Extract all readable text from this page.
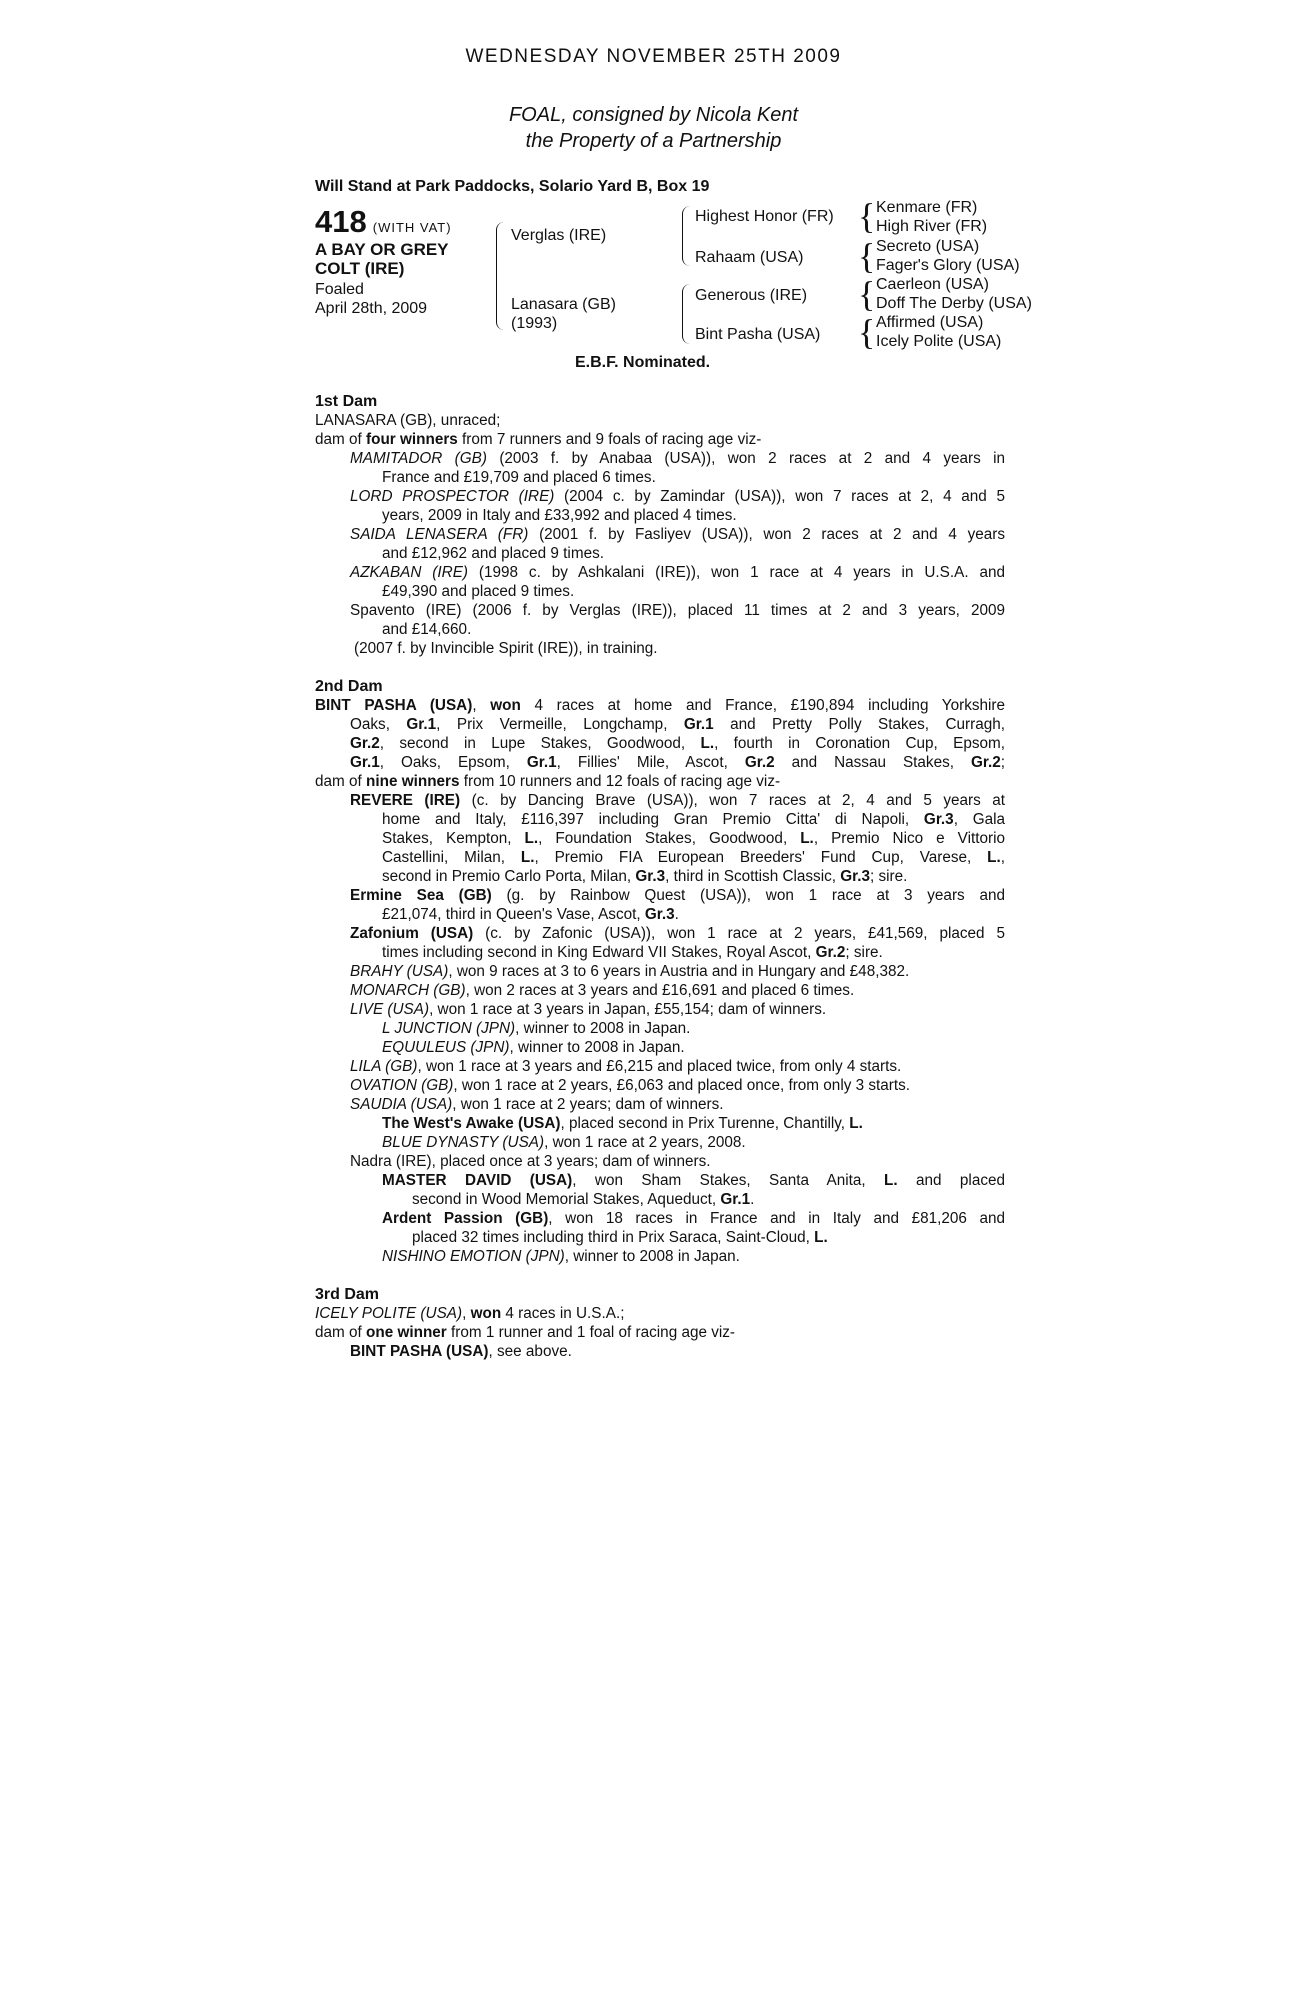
WEDNESDAY NOVEMBER 25TH 2009
FOAL, consigned by Nicola Kent
the Property of a Partnership
Will Stand at Park Paddocks, Solario Yard B, Box 19
418 (WITH VAT)
A BAY OR GREY
COLT (IRE)
Foaled
April 28th, 2009
Verglas (IRE)
Lanasara (GB)
(1993)
Highest Honor (FR)
Rahaam (USA)
Generous (IRE)
Bint Pasha (USA)
{ Kenmare (FR)
High River (FR)
{ Secreto (USA)
Fager's Glory (USA)
{ Caerleon (USA)
Doff The Derby (USA)
{ Affirmed (USA)
Icely Polite (USA)
E.B.F. Nominated.
1st Dam
LANASARA (GB), unraced;
dam of four winners from 7 runners and 9 foals of racing age viz-
MAMITADOR (GB) (2003 f. by Anabaa (USA)), won 2 races at 2 and 4 years in
France and £19,709 and placed 6 times.
LORD PROSPECTOR (IRE) (2004 c. by Zamindar (USA)), won 7 races at 2, 4 and 5
years, 2009 in Italy and £33,992 and placed 4 times.
SAIDA LENASERA (FR) (2001 f. by Fasliyev (USA)), won 2 races at 2 and 4 years
and £12,962 and placed 9 times.
AZKABAN (IRE) (1998 c. by Ashkalani (IRE)), won 1 race at 4 years in U.S.A. and
£49,390 and placed 9 times.
Spavento (IRE) (2006 f. by Verglas (IRE)), placed 11 times at 2 and 3 years, 2009
and £14,660.
(2007 f. by Invincible Spirit (IRE)), in training.
2nd Dam
BINT PASHA (USA), won 4 races at home and France, £190,894 including Yorkshire
Oaks, Gr.1, Prix Vermeille, Longchamp, Gr.1 and Pretty Polly Stakes, Curragh,
Gr.2, second in Lupe Stakes, Goodwood, L., fourth in Coronation Cup, Epsom,
Gr.1, Oaks, Epsom, Gr.1, Fillies' Mile, Ascot, Gr.2 and Nassau Stakes, Gr.2;
dam of nine winners from 10 runners and 12 foals of racing age viz-
REVERE (IRE) (c. by Dancing Brave (USA)), won 7 races at 2, 4 and 5 years at
home and Italy, £116,397 including Gran Premio Citta' di Napoli, Gr.3, Gala
Stakes, Kempton, L., Foundation Stakes, Goodwood, L., Premio Nico e Vittorio
Castellini, Milan, L., Premio FIA European Breeders' Fund Cup, Varese, L.,
second in Premio Carlo Porta, Milan, Gr.3, third in Scottish Classic, Gr.3; sire.
Ermine Sea (GB) (g. by Rainbow Quest (USA)), won 1 race at 3 years and
£21,074, third in Queen's Vase, Ascot, Gr.3.
Zafonium (USA) (c. by Zafonic (USA)), won 1 race at 2 years, £41,569, placed 5
times including second in King Edward VII Stakes, Royal Ascot, Gr.2; sire.
BRAHY (USA), won 9 races at 3 to 6 years in Austria and in Hungary and £48,382.
MONARCH (GB), won 2 races at 3 years and £16,691 and placed 6 times.
LIVE (USA), won 1 race at 3 years in Japan, £55,154; dam of winners.
L JUNCTION (JPN), winner to 2008 in Japan.
EQUULEUS (JPN), winner to 2008 in Japan.
LILA (GB), won 1 race at 3 years and £6,215 and placed twice, from only 4 starts.
OVATION (GB), won 1 race at 2 years, £6,063 and placed once, from only 3 starts.
SAUDIA (USA), won 1 race at 2 years; dam of winners.
The West's Awake (USA), placed second in Prix Turenne, Chantilly, L.
BLUE DYNASTY (USA), won 1 race at 2 years, 2008.
Nadra (IRE), placed once at 3 years; dam of winners.
MASTER DAVID (USA), won Sham Stakes, Santa Anita, L. and placed
second in Wood Memorial Stakes, Aqueduct, Gr.1.
Ardent Passion (GB), won 18 races in France and in Italy and £81,206 and
placed 32 times including third in Prix Saraca, Saint-Cloud, L.
NISHINO EMOTION (JPN), winner to 2008 in Japan.
3rd Dam
ICELY POLITE (USA), won 4 races in U.S.A.;
dam of one winner from 1 runner and 1 foal of racing age viz-
BINT PASHA (USA), see above.
